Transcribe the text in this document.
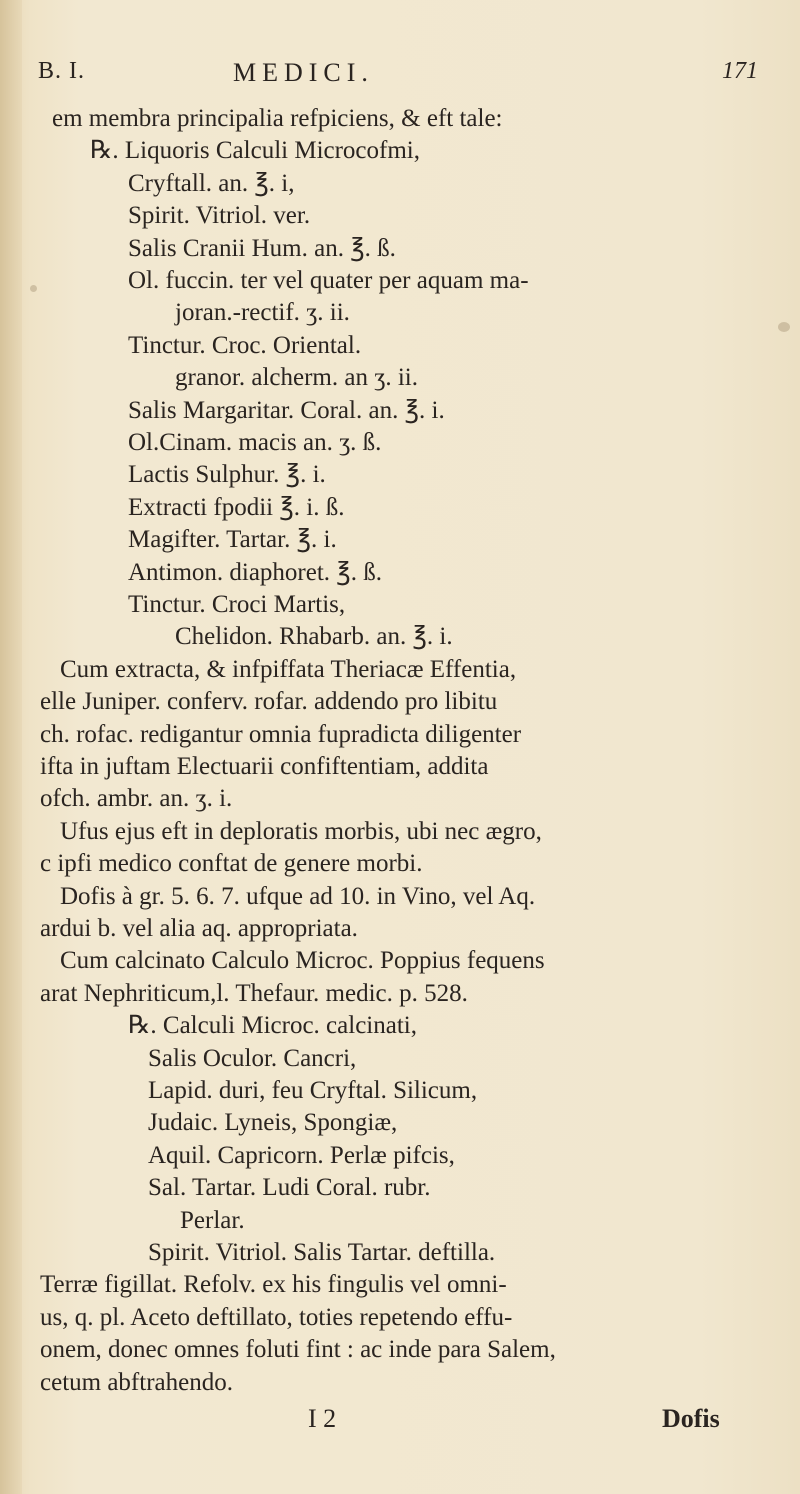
B. I.	MEDICI.	171
em membra principalia refpiciens, & eft tale:
℞. Liquoris Calculi Microcofmi,
Cryftall. an. ℥. i,
Spirit. Vitriol. ver.
Salis Cranii Hum. an. ℥. ß.
Ol. fuccin. ter vel quater per aquam ma-
joran.-rectif. ʒ. ii.
Tinctur. Croc. Oriental.
granor. alcherm. an ʒ. ii.
Salis Margaritar. Coral. an. ℥. i.
Ol.Cinam. macis an. ʒ. ß.
Lactis Sulphur. ℥. i.
Extracti fpodii ℥. i. ß.
Magifter. Tartar. ℥. i.
Antimon. diaphoret. ℥. ß.
Tinctur. Croci Martis,
Chelidon. Rhabarb. an. ℥. i.
Cum extracta, & infpiffata Theriacæ Effentia,
elle Juniper. conferv. rofar. addendo pro libitu
ch. rofac. redigantur omnia fupradicta diligenter
ifta in juftam Electuarii confiftentiam, addita
ofch. ambr. an. ʒ. i.
Ufus ejus eft in deploratis morbis, ubi nec ægro,
c ipfi medico conftat de genere morbi.
Dofis à gr. 5. 6. 7. ufque ad 10. in Vino, vel Aq.
ardui b. vel alia aq. appropriata.
Cum calcinato Calculo Microc. Poppius fequens
arat Nephriticum,l. Thefaur. medic. p. 528.
℞. Calculi Microc. calcinati,
Salis Oculor. Cancri,
Lapid. duri, feu Cryftal. Silicum,
Judaic. Lyneis, Spongiæ,
Aquil. Capricorn. Perlæ pifcis,
Sal. Tartar. Ludi Coral. rubr.
Perlar.
Spirit. Vitriol. Salis Tartar. deftilla.
Terræ figillat. Refolv. ex his fingulis vel omni-
us, q. pl. Aceto deftillato, toties repetendo effu-
onem, donec omnes foluti fint : ac inde para Salem,
cetum abftrahendo.
I 2	Dofis
